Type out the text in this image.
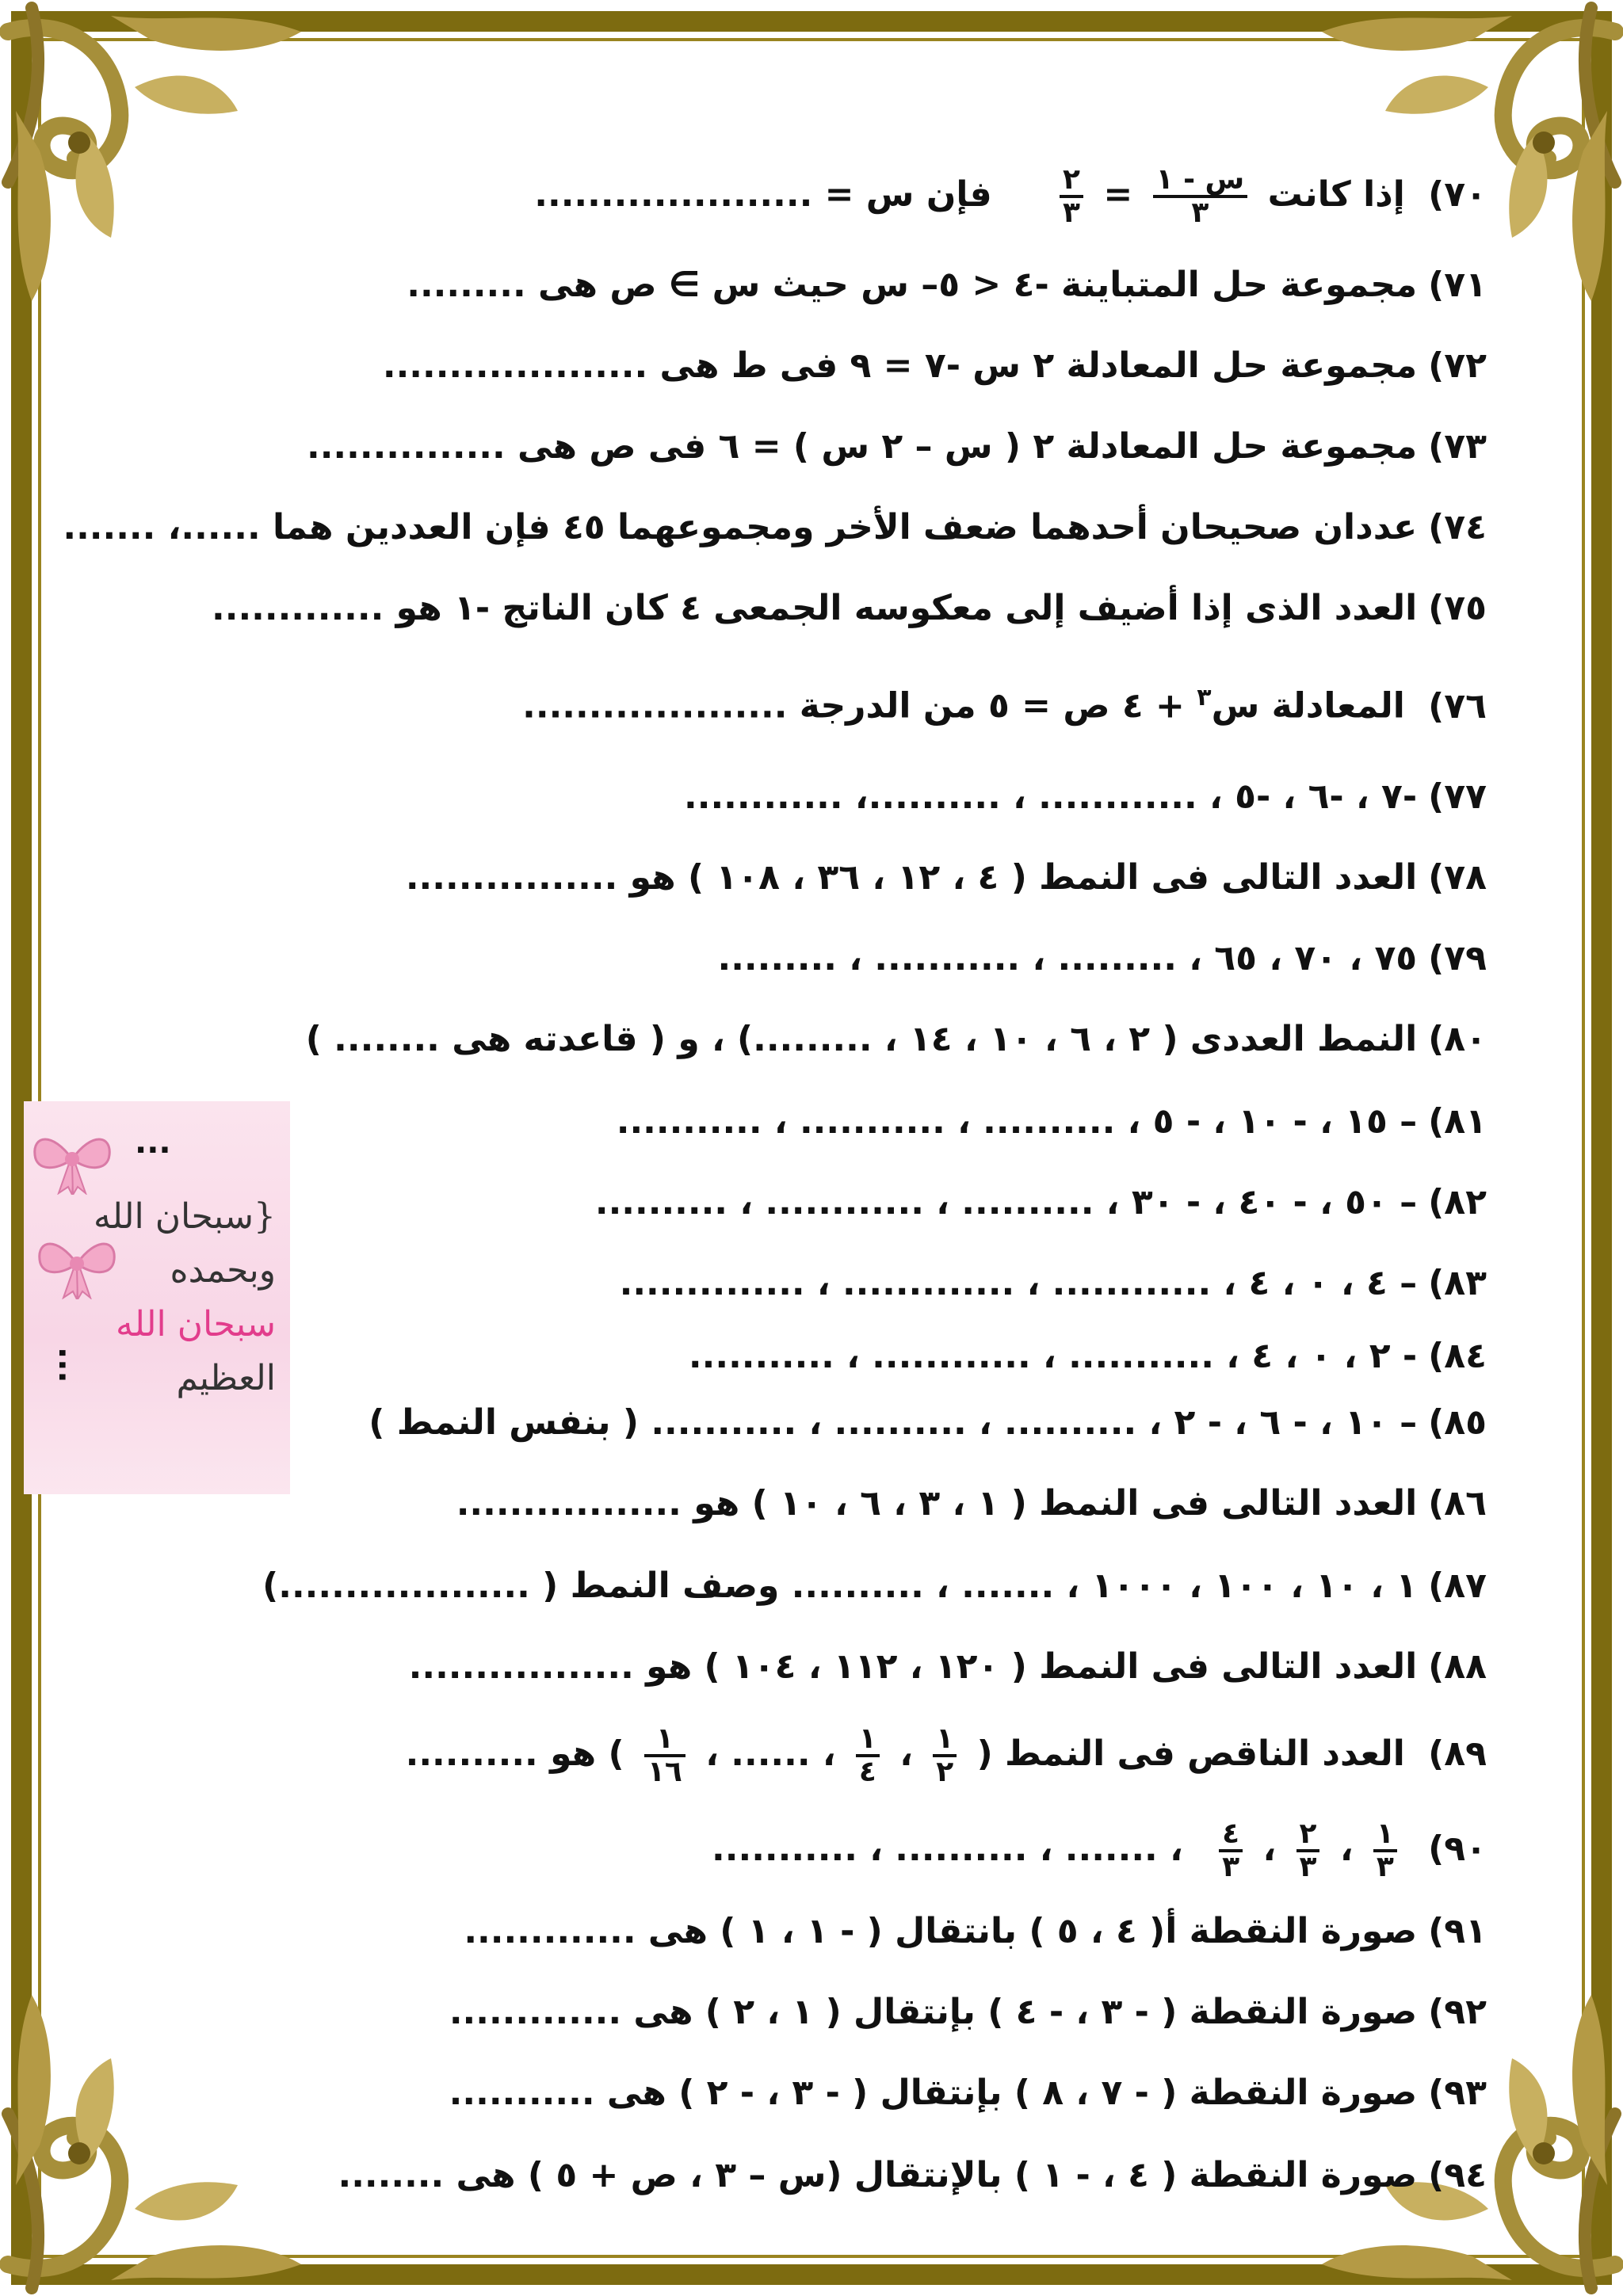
٧٠) إذا كانت
$\frac{\text{س - ١}}{٣}$
=
$\frac{٢}{٣}$
فإن س = .....................
٧١)مجموعة حل المتباينة -٤ < ٥– س حيث س ∋ ص هى .........
٧٢)مجموعة حل المعادلة ٢ س -٧ = ٩ فى ط هى ....................
٧٣)مجموعة حل المعادلة ٢ ( س – ٢ س ) = ٦ فى ص هى ...............
٧٤)عددان صحيحان أحدهما ضعف الأخر ومجموعهما ٤٥ فإن العددين هما ......، .......
٧٥)العدد الذى إذا أضيف إلى معكوسه الجمعى ٤ كان الناتج -١ هو .............
٧٦) المعادلة س$^٣$ + ٤ ص = ٥ من الدرجة ....................
٧٧)-٧ ، -٦ ، -٥ ، ............ ، ..........، ............
٧٨)العدد التالى فى النمط ( ٤ ، ١٢ ، ٣٦ ، ١٠٨ ) هو ................
٧٩)٧٥ ، ٧٠ ، ٦٥ ، ......... ، ........... ، .........
٨٠)النمط العددى ( ٢ ، ٦ ، ١٠ ، ١٤ ، .........) ، و ( قاعدته هى ........ )
٨١)– ١٥ ، - ١٠ ، - ٥ ، .......... ، ........... ، ...........
٨٢)– ٥٠ ، - ٤٠ ، - ٣٠ ، .......... ، ............ ، ..........
٨٣)– ٤ ، ٠ ، ٤ ، ............ ، ............. ، ..............
٨٤)- ٢ ، ٠ ، ٤ ، ........... ، ............ ، ...........
٨٥)– ١٠ ، - ٦ ، - ٢ ، .......... ، .......... ، ........... ( بنفس النمط )
٨٦)العدد التالى فى النمط ( ١ ، ٣ ، ٦ ، ١٠ ) هو .................
٨٧)١ ، ١٠ ، ١٠٠ ، ١٠٠٠ ، ....... ، .......... وصف النمط ( ...................)
٨٨)العدد التالى فى النمط ( ١٢٠ ، ١١٢ ، ١٠٤ ) هو .................
٨٩) العدد الناقص فى النمط (
$\frac{١}{٢}$
،
$\frac{١}{٤}$
، ...... ،
$\frac{١}{١٦}$
) هو ..........
٩٠)
$\frac{١}{٣}$
،
$\frac{٢}{٣}$
،
$\frac{٤}{٣}$
، ....... ، .......... ، ...........
٩١)صورة النقطة ﺃ( ٤ ، ٥ ) بانتقال ( - ١ ، ١ ) هى .............
٩٢)صورة النقطة ( - ٣ ، - ٤ ) بإنتقال ( ١ ، ٢ ) هى .............
٩٣)صورة النقطة ( - ٧ ، ٨ ) بإنتقال ( - ٣ ، - ٢ ) هى ...........
٩٤)صورة النقطة ( ٤ ، - ١ ) بالإنتقال (س – ٣ ، ص + ٥ ) هى ........
...
{سبحان الله
وبحمده
سبحان الله
العظيم
...
